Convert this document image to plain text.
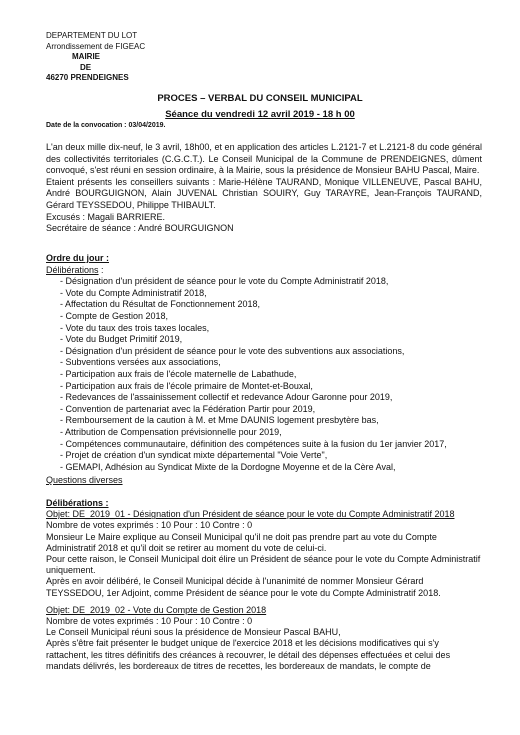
DEPARTEMENT DU LOT
Arrondissement de FIGEAC
MAIRIE
DE
46270 PRENDEIGNES
PROCES – VERBAL DU CONSEIL MUNICIPAL
Séance du vendredi 12 avril 2019 - 18 h 00
Date de la convocation : 03/04/2019.

L'an deux mille dix-neuf, le 3 avril, 18h00, et en application des articles L.2121-7 et L.2121-8 du code général des collectivités territoriales (C.G.C.T.). Le Conseil Municipal de la Commune de PRENDEIGNES, dûment convoqué, s'est réuni en session ordinaire, à la Mairie, sous la présidence de Monsieur BAHU Pascal, Maire.

Etaient présents les conseillers suivants : Marie-Hélène TAURAND, Monique VILLENEUVE, Pascal BAHU, André BOURGUIGNON, Alain JUVENAL Christian SOUIRY, Guy TARAYRE, Jean-François TAURAND, Gérard TEYSSEDOU, Philippe THIBAULT.

Excusés : Magali BARRIERE.

Secrétaire de séance : André BOURGUIGNON

Ordre du jour :
Délibérations :
- Désignation d'un président de séance pour le vote du Compte Administratif 2018,
- Vote du Compte Administratif 2018,
- Affectation du Résultat de Fonctionnement 2018,
- Compte de Gestion 2018,
- Vote du taux des trois taxes locales,
- Vote du Budget Primitif 2019,
- Désignation d'un président de séance pour le vote des subventions aux associations,
- Subventions versées aux associations,
- Participation aux frais de l'école maternelle de Labathude,
- Participation aux frais de l'école primaire de Montet-et-Bouxal,
- Redevances de l'assainissement collectif et redevance Adour Garonne pour 2019,
- Convention de partenariat avec la Fédération Partir pour 2019,
- Remboursement de la caution à M. et Mme DAUNIS logement presbytère bas,
- Attribution de Compensation prévisionnelle pour 2019,
- Compétences communautaire, définition des compétences suite à la fusion du 1er janvier 2017,
- Projet de création d'un syndicat mixte départemental "Voie Verte",
- GEMAPI, Adhésion au Syndicat Mixte de la Dordogne Moyenne et de la Cère Aval,
Questions diverses
Délibérations :

Objet: DE_2019_01 - Désignation d'un Président de séance pour le vote du Compte Administratif 2018

Nombre de votes exprimés : 10 Pour : 10 Contre : 0

Monsieur Le Maire explique au Conseil Municipal qu'il ne doit pas prendre part au vote du Compte Administratif 2018 et qu'il doit se retirer au moment du vote de celui-ci.

Pour cette raison, le Conseil Municipal doit élire un Président de séance pour le vote du Compte Administratif uniquement.

Après en avoir délibéré, le Conseil Municipal décide à l'unanimité de nommer Monsieur Gérard TEYSSEDOU, 1er Adjoint, comme Président de séance pour le vote du Compte Administratif 2018.

Objet: DE_2019_02 - Vote du Compte de Gestion 2018

Nombre de votes exprimés : 10 Pour : 10 Contre : 0

Le Conseil Municipal réuni sous la présidence de Monsieur Pascal BAHU,

Après s'être fait présenter le budget unique de l'exercice 2018 et les décisions modificatives qui s'y rattachent, les titres définitifs des créances à recouvrer, le détail des dépenses effectuées et celui des mandats délivrés, les bordereaux de titres de recettes, les bordereaux de mandats, le compte de
